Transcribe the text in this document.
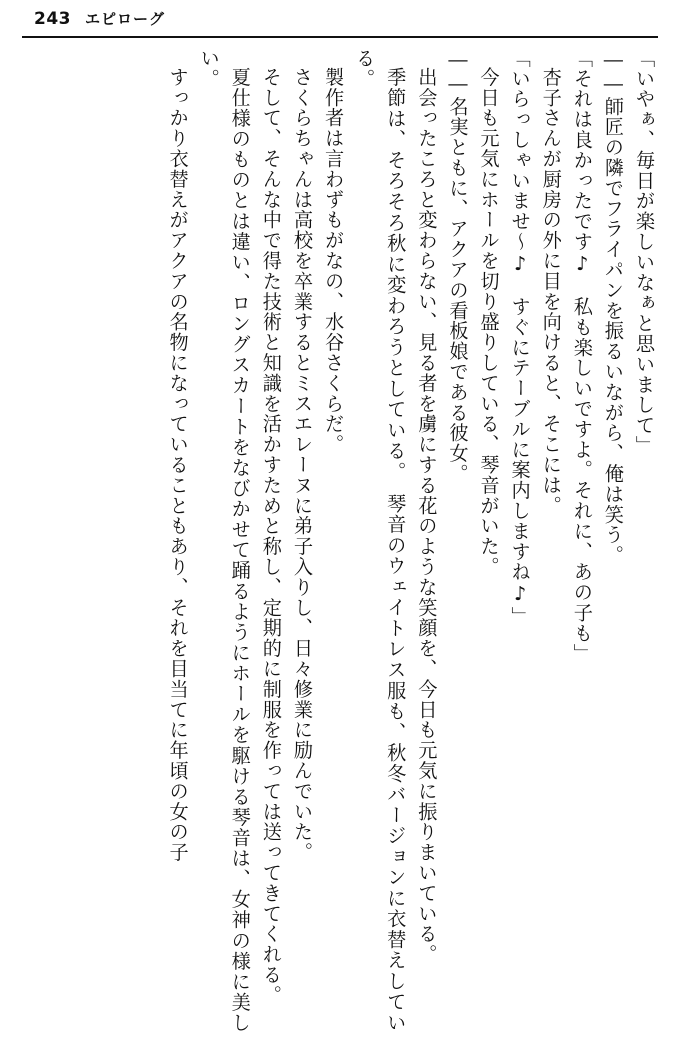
243 エピローグ

「いやぁ、毎日が楽しいなぁと思いまして」

――師匠の隣でフライパンを振るいながら、俺は笑う。

「それは良かったです♪　私も楽しいですよ。それに、あの子も」

杏子さんが厨房の外に目を向けると、そこには。

「いらっしゃいませ～♪　すぐにテーブルに案内しますね♪」

今日も元気にホールを切り盛りしている、琴音がいた。

――名実ともに、アクアの看板娘である彼女。

出会ったころと変わらない、見る者を虜にする花のような笑顔を、今日も元気に振りまいている。

季節は、そろそろ秋に変わろうとしている。　琴音のウェイトレス服も、秋冬バージョンに衣替えしている。

製作者は言わずもがなの、水谷さくらだ。

さくらちゃんは高校を卒業するとミスエレーヌに弟子入りし、日々修業に励んでいた。

そして、そんな中で得た技術と知識を活かすためと称し、定期的に制服を作っては送ってきてくれる。

夏仕様のものとは違い、ロングスカートをなびかせて踊るようにホールを駆ける琴音は、女神の様に美しい。

すっかり衣替えがアクアの名物になっていることもあり、それを目当てに年頃の女の子
